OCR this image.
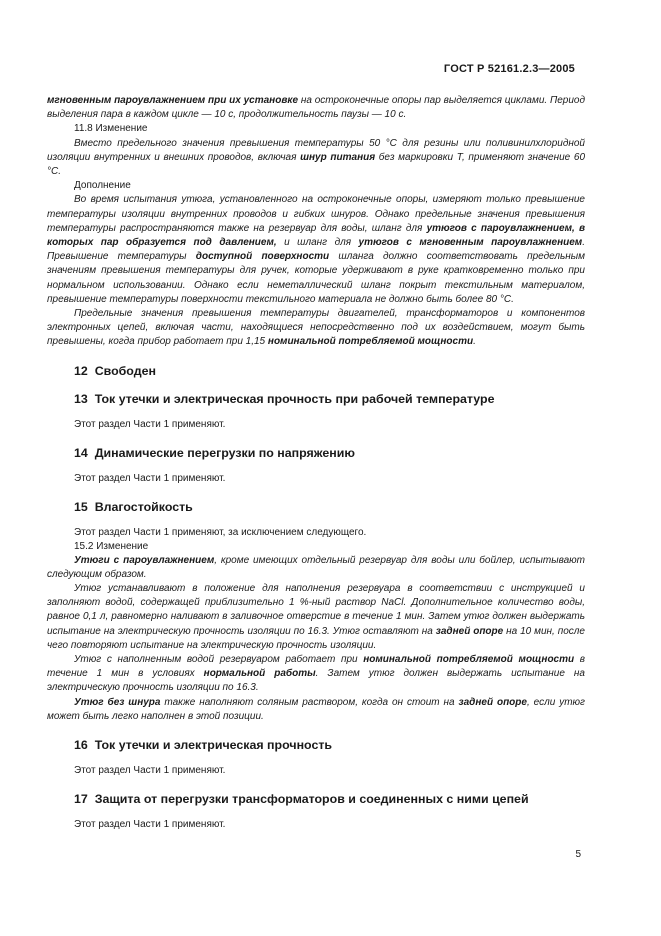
ГОСТ Р 52161.2.3—2005

мгновенным пароувлажнением при их установке на остроконечные опоры пар выделяется циклами. Период выделения пара в каждом цикле — 10 с, продолжительность паузы — 10 с.

11.8 Изменение

Вместо предельного значения превышения температуры 50 °С для резины или поливинилхлоридной изоляции внутренних и внешних проводов, включая шнур питания без маркировки Т, применяют значение 60 °С.

Дополнение

Во время испытания утюга, установленного на остроконечные опоры, измеряют только превышение температуры изоляции внутренних проводов и гибких шнуров. Однако предельные значения превышения температуры распространяются также на резервуар для воды, шланг для утюгов с пароувлажнением, в которых пар образуется под давлением, и шланг для утюгов с мгновенным пароувлажнением. Превышение температуры доступной поверхности шланга должно соответствовать предельным значениям превышения температуры для ручек, которые удерживают в руке кратковременно только при нормальном использовании. Однако если неметаллический шланг покрыт текстильным материалом, превышение температуры поверхности текстильного материала не должно быть более 80 °С.

Предельные значения превышения температуры двигателей, трансформаторов и компонентов электронных цепей, включая части, находящиеся непосредственно под их воздействием, могут быть превышены, когда прибор работает при 1,15 номинальной потребляемой мощности.

12 Свободен

13 Ток утечки и электрическая прочность при рабочей температуре

Этот раздел Части 1 применяют.

14 Динамические перегрузки по напряжению

Этот раздел Части 1 применяют.

15 Влагостойкость

Этот раздел Части 1 применяют, за исключением следующего.

15.2 Изменение

Утюги с пароувлажнением, кроме имеющих отдельный резервуар для воды или бойлер, испытывают следующим образом.

Утюг устанавливают в положение для наполнения резервуара в соответствии с инструкцией и заполняют водой, содержащей приблизительно 1 %-ный раствор NaCl. Дополнительное количество воды, равное 0,1 л, равномерно наливают в заливочное отверстие в течение 1 мин. Затем утюг должен выдержать испытание на электрическую прочность изоляции по 16.3. Утюг оставляют на задней опоре на 10 мин, после чего повторяют испытание на электрическую прочность изоляции.

Утюг с наполненным водой резервуаром работает при номинальной потребляемой мощности в течение 1 мин в условиях нормальной работы. Затем утюг должен выдержать испытание на электрическую прочность изоляции по 16.3.

Утюг без шнура также наполняют соляным раствором, когда он стоит на задней опоре, если утюг может быть легко наполнен в этой позиции.

16 Ток утечки и электрическая прочность

Этот раздел Части 1 применяют.

17 Защита от перегрузки трансформаторов и соединенных с ними цепей

Этот раздел Части 1 применяют.

5
